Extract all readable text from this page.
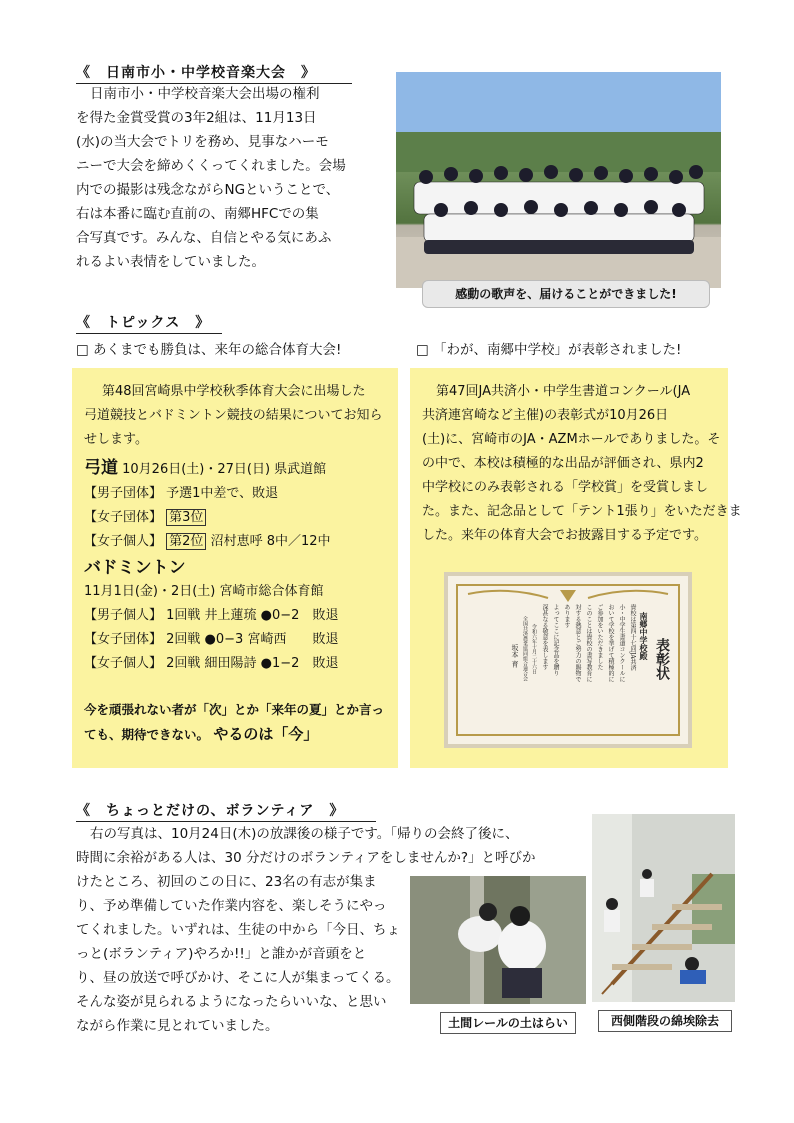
《　日南市小・中学校音楽大会　》
日南市小・中学校音楽大会出場の権利
を得た金賞受賞の3年2組は、11月13日
(水)の当大会でトリを務め、見事なハーモ
ニーで大会を締めくくってくれました。会場
内での撮影は残念ながらNGということで、
右は本番に臨む直前の、南郷HFCでの集
合写真です。みんな、自信とやる気にあふ
れるよい表情をしていました。
感動の歌声を、届けることができました!
《　トピックス　》
□ あくまでも勝負は、来年の総合体育大会!	□ 「わが、南郷中学校」が表彰されました!
第48回宮崎県中学校秋季体育大会に出場した
弓道競技とバドミントン競技の結果についてお知ら
せします。
弓道 10月26日(土)・27日(日) 県武道館
【男子団体】 予選1中差で、敗退
【女子団体】 第3位
【女子個人】 第2位 沼村恵呼 8中／12中
バドミントン
11月1日(金)・2日(土) 宮崎市総合体育館
【男子個人】 1回戦 井上蓮琉 ●0−2　敗退
【女子団体】 2回戦 ●0−3 宮崎西　　敗退
【女子個人】 2回戦 細田陽詩 ●1−2　敗退
今を頑張れない者が「次」とか「来年の夏」とか言っ
ても、期待できない。 やるのは「今」
第47回JA共済小・中学生書道コンクール(JA
共済連宮崎など主催)の表彰式が10月26日
(土)に、宮崎市のJA・AZMホールでありました。そ
の中で、本校は積極的な出品が評価され、県内2
中学校にのみ表彰される「学校賞」を受賞しまし
た。また、記念品として「テント1張り」をいただきま
した。来年の体育大会でお披露目する予定です。
表彰状
南郷中学校殿
貴校は第四十七回JA共済
小・中学生書道コンクールに
おいて学校を挙げて積極的に
ご参加をいただきました
このことは貴校の書写教育に
対する熱意とご努力の賜物で
あります
よってここに記念品を贈り
深甚なる敬意を表します
令和六年十月二十六日
全国共済農業協同組合連合会
坂本 育
《　ちょっとだけの、ボランティア　》
右の写真は、10月24日(木)の放課後の様子です。「帰りの会終了後に、
時間に余裕がある人は、30 分だけのボランティアをしませんか?」と呼びか
けたところ、初回のこの日に、23名の有志が集ま
り、予め準備していた作業内容を、楽しそうにやっ
てくれました。いずれは、生徒の中から「今日、ちょ
っと(ボランティア)やろか!!」と誰かが音頭をと
り、昼の放送で呼びかけ、そこに人が集まってくる。
そんな姿が見られるようになったらいいな、と思い
ながら作業に見とれていました。	土間レールの土はらい	西側階段の綿埃除去
